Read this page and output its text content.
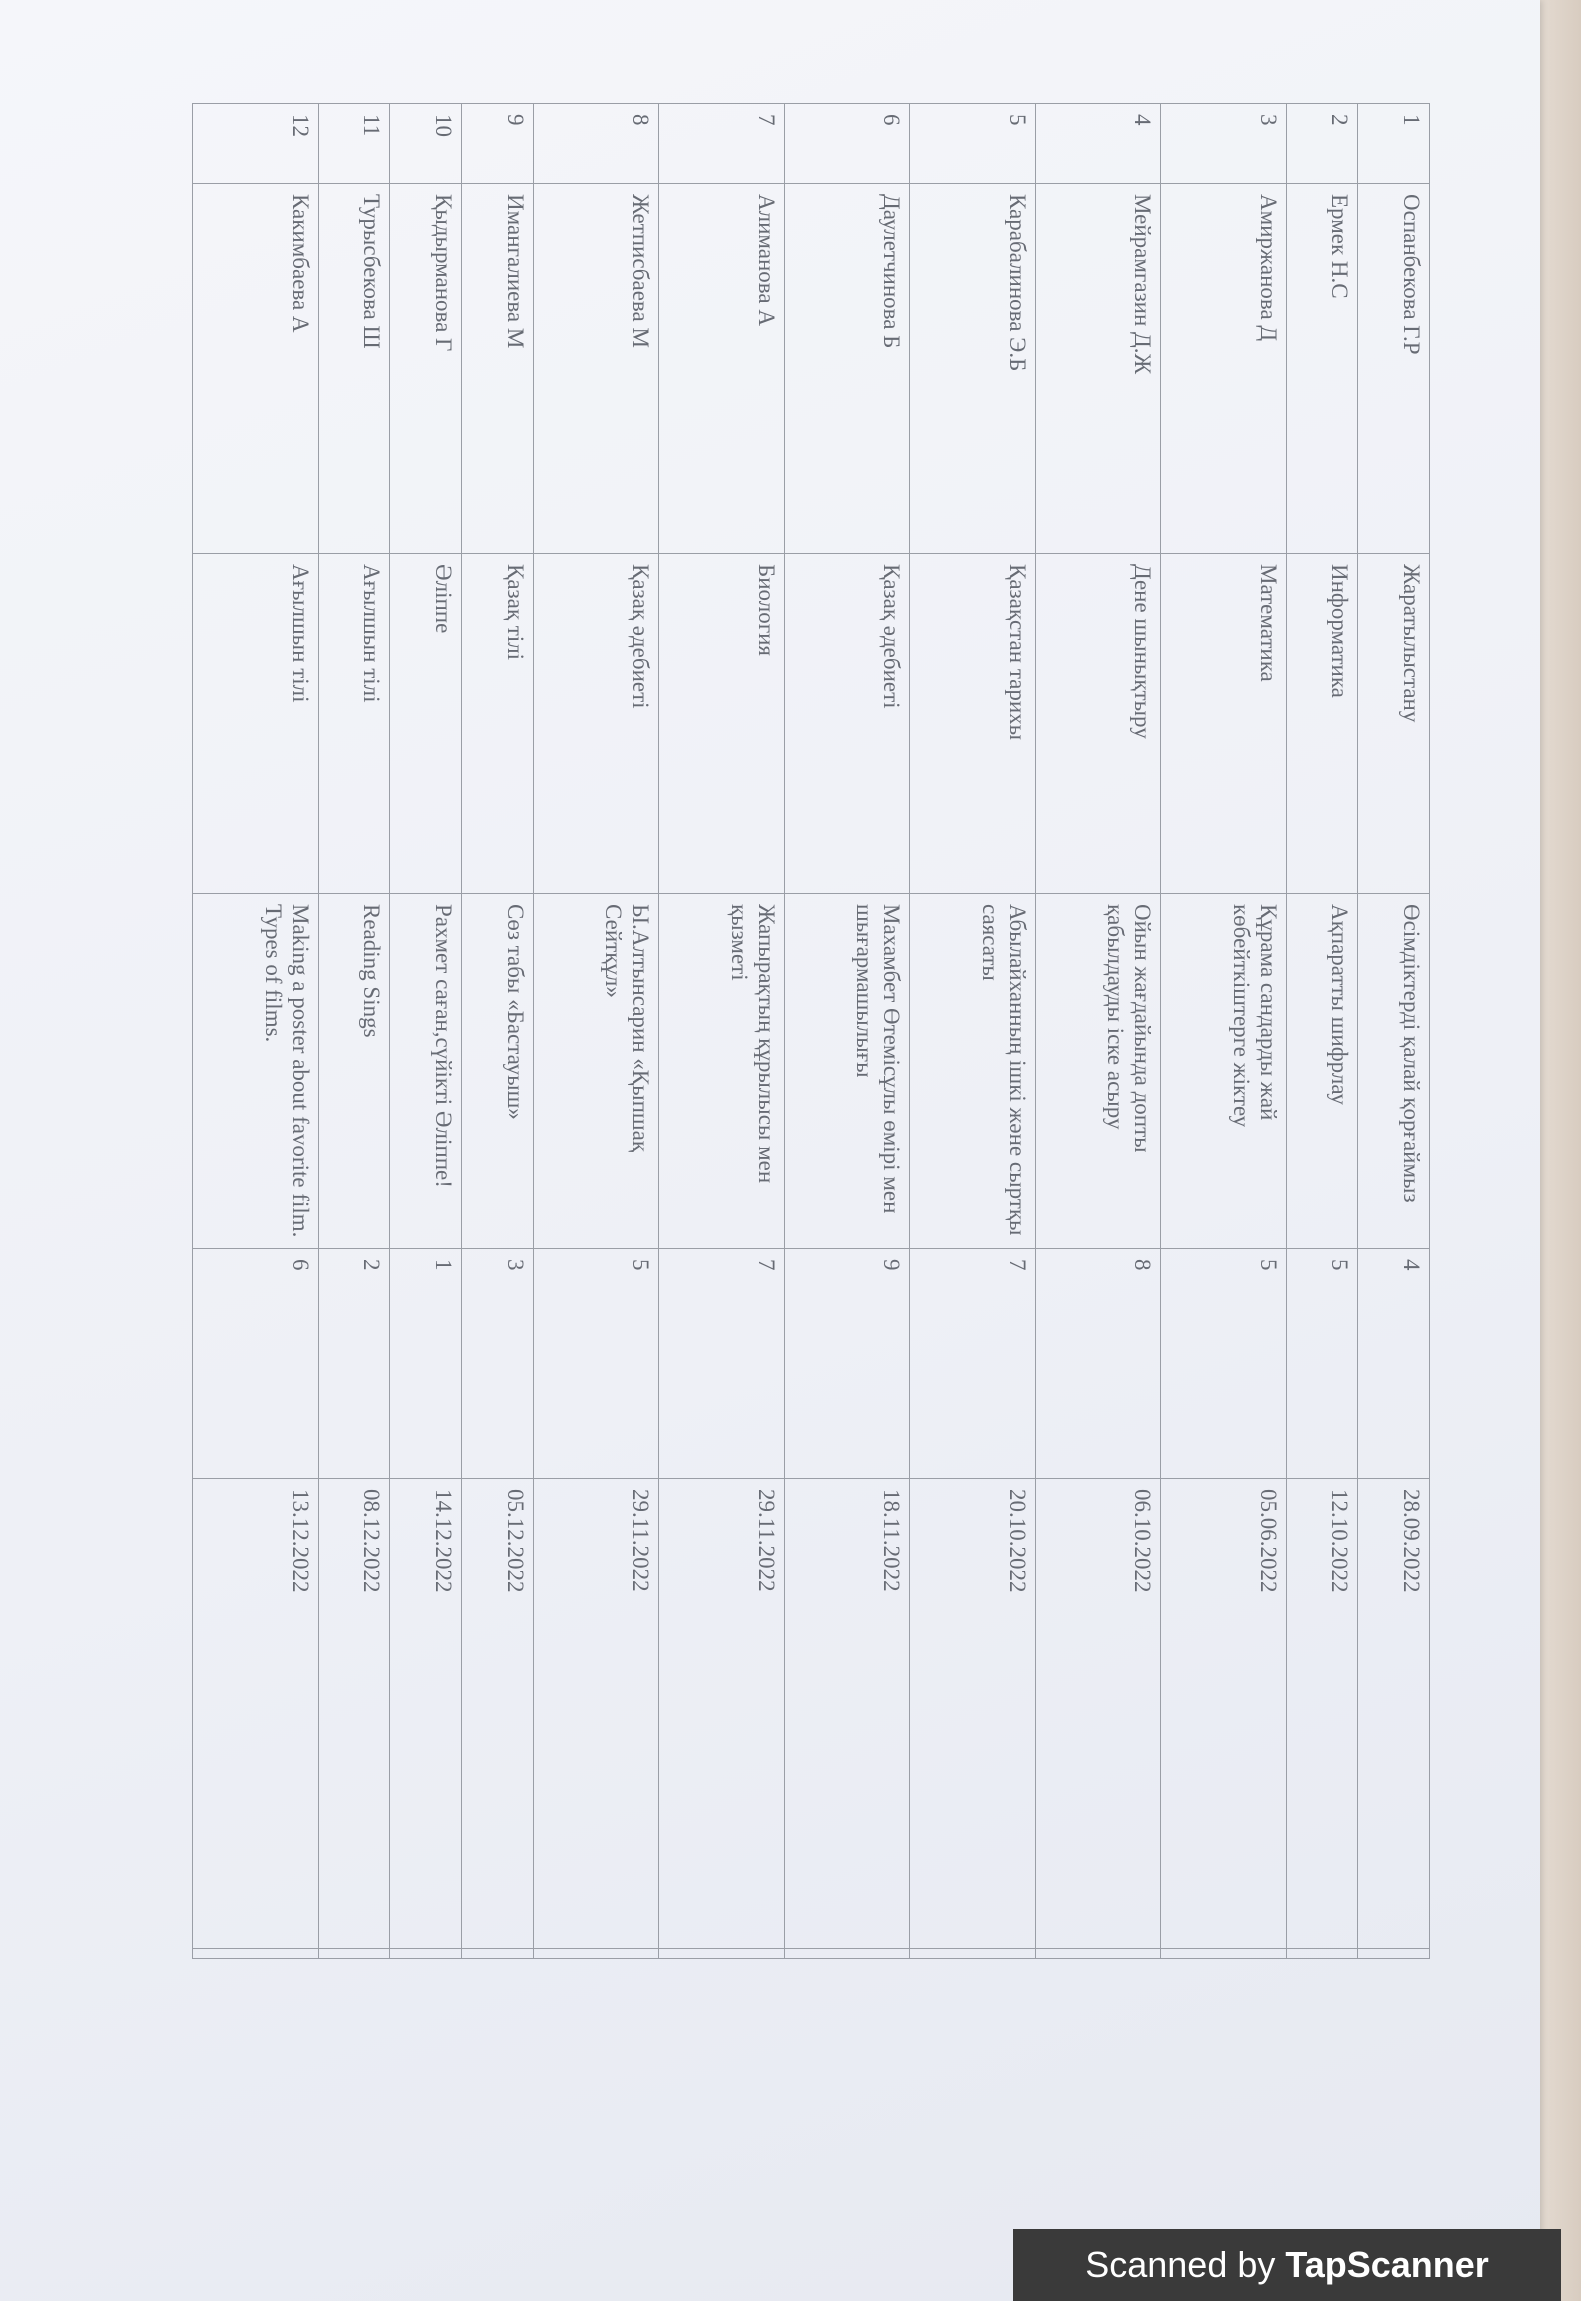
1	Оспанбекова Г.Р	Жаратылыстану	Өсімдіктерді қалай қорғаймыз	4	28.09.2022	
2	Ермек Н.С	Информатика	Ақпаратты шифрлау	5	12.10.2022	
3	Амиржанова Д	Математика	Құрама сандарды жай көбейткіштерге жіктеу	5	05.06.2022	
4	Мейрамгазин Д.Ж	Дене шынықтыру	Ойын жағдайында допты қабылдауды іске асыру	8	06.10.2022	
5	Карабалинова Э.Б	Қазақстан тарихы	Абылайханның ішкі және сыртқы саясаты	7	20.10.2022	
6	Даулетчинова Б	Қазақ әдебиеті	Махамбет Өтемісұлы өмірі мен шығармашылығы	9	18.11.2022	
7	Алиманова А	Биология	Жапырақтың құрылысы мен қызметі	7	29.11.2022	
8	Жетписбаева М	Қазақ әдебиеті	Ы.Алтынсарин «Қыпшақ Сейтқұл»	5	29.11.2022	
9	Имангалиева М	Қазақ тілі	Сөз табы «Бастауыш»	3	05.12.2022	
10	Қыдырманова Г	Әліппе	Рахмет саған,сүйікті Әліппе!	1	14.12.2022	
11	Турысбекова Ш	Ағылшын тілі	Reading Sings	2	08.12.2022	
12	Какимбаева А	Ағылшын тілі	Making a poster about favorite film. Types of films.	6	13.12.2022	
Scanned by TapScanner
